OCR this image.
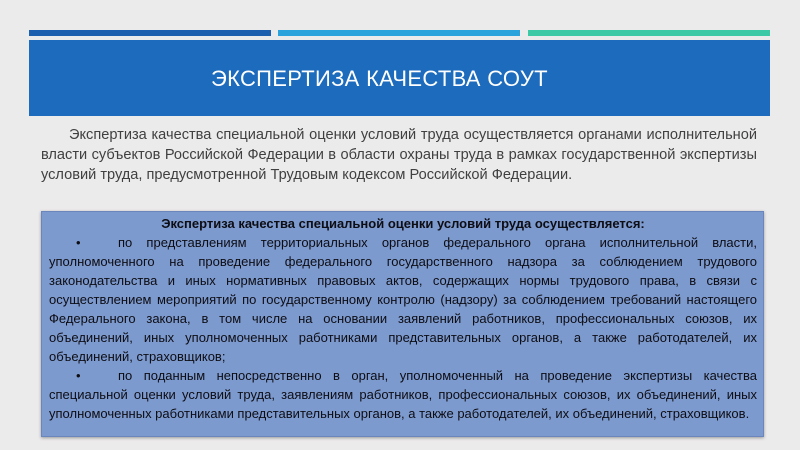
ЭКСПЕРТИЗА КАЧЕСТВА СОУТ

Экспертиза качества специальной оценки условий труда осуществляется органами исполнительной власти субъектов Российской Федерации в области охраны труда в рамках государственной экспертизы условий труда, предусмотренной Трудовым кодексом Российской Федерации.

Экспертиза качества специальной оценки условий труда осуществляется:

•	по представлениям территориальных органов федерального органа исполнительной власти, уполномоченного на проведение федерального государственного надзора за соблюдением трудового законодательства и иных нормативных правовых актов, содержащих нормы трудового права, в связи с осуществлением мероприятий по государственному контролю (надзору) за соблюдением требований настоящего Федерального закона, в том числе на основании заявлений работников, профессиональных союзов, их объединений, иных уполномоченных работниками представительных органов, а также работодателей, их объединений, страховщиков;

•	по поданным непосредственно в орган, уполномоченный на проведение экспертизы качества специальной оценки условий труда, заявлениям работников, профессиональных союзов, их объединений, иных уполномоченных работниками представительных органов, а также работодателей, их объединений, страховщиков.
